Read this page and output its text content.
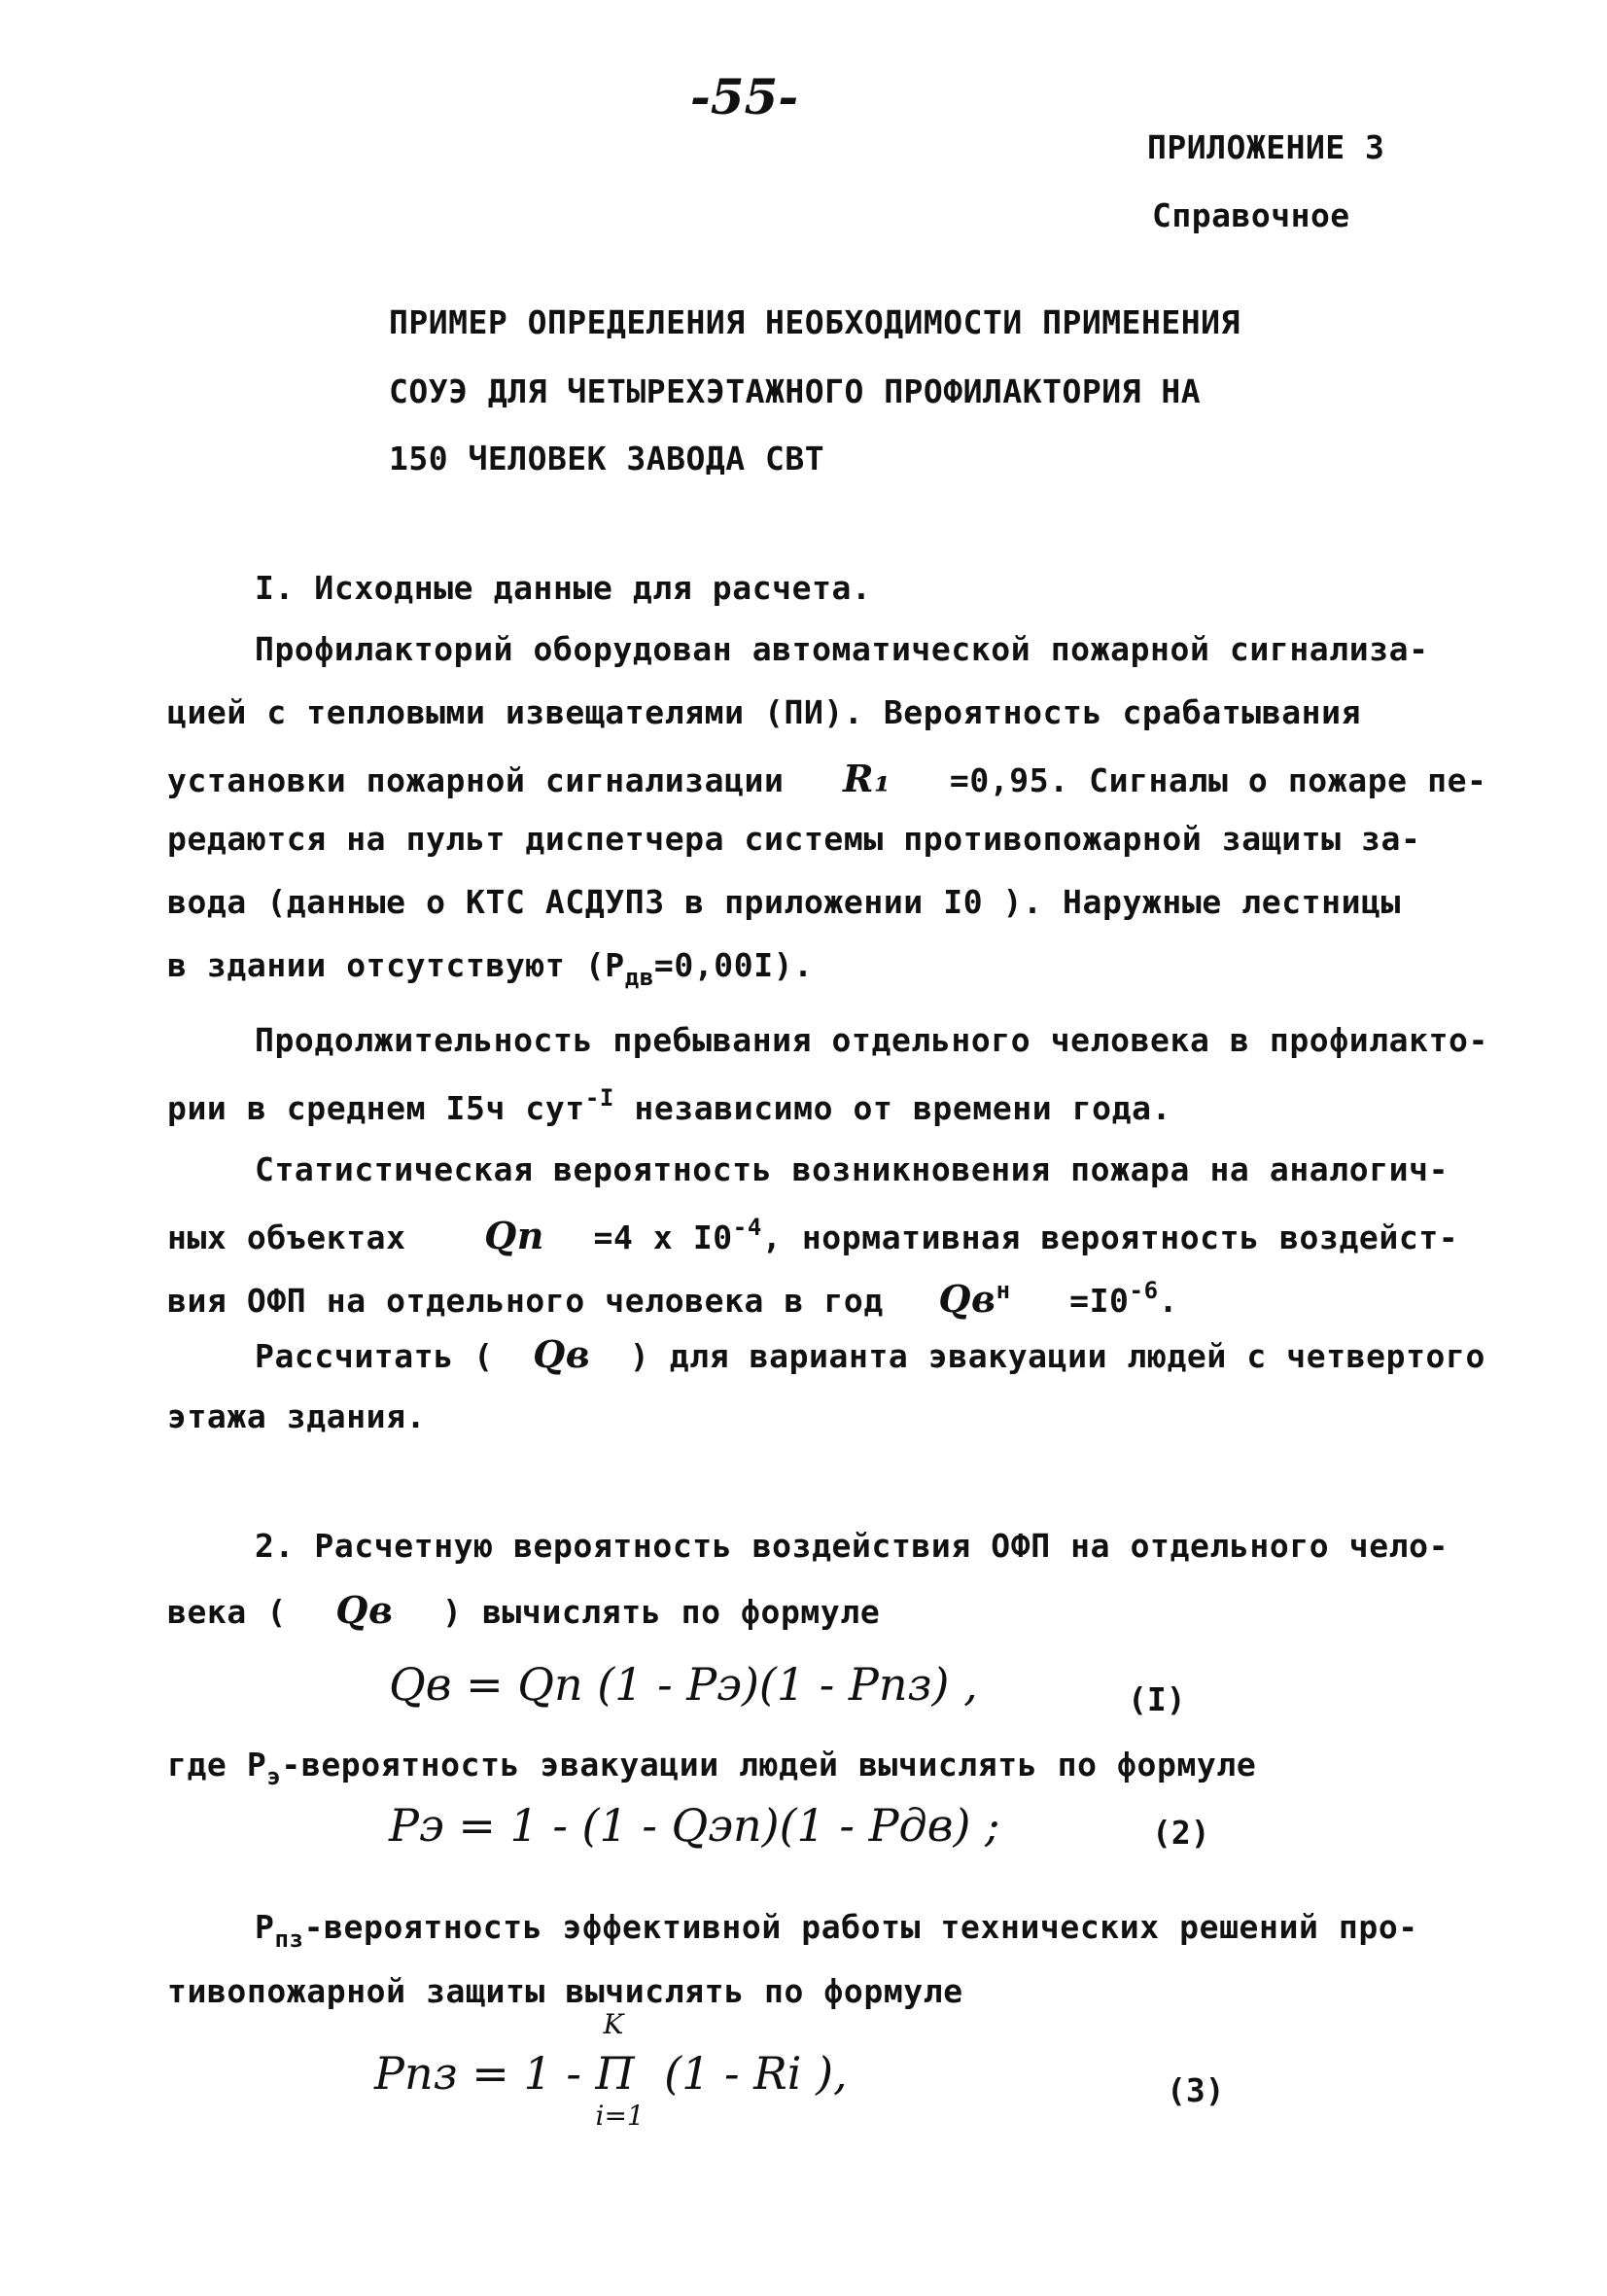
-55-
ПРИЛОЖЕНИЕ 3
Справочное
ПРИМЕР ОПРЕДЕЛЕНИЯ НЕОБХОДИМОСТИ ПРИМЕНЕНИЯ
СОУЭ ДЛЯ ЧЕТЫРЕХЭТАЖНОГО ПРОФИЛАКТОРИЯ НА
150 ЧЕЛОВЕК ЗАВОДА СВТ
I. Исходные данные для расчета.
Профилакторий оборудован автоматической пожарной сигнализа-
цией с тепловыми извещателями (ПИ). Вероятность срабатывания
установки пожарной сигнализации R₁ =0,95. Сигналы о пожаре пе-
редаются на пульт диспетчера системы противопожарной защиты за-
вода (данные о КТС АСДУПЗ в приложении I0 ). Наружные лестницы
в здании отсутствуют $(P_{дв}=0,00I)$.
Продолжительность пребывания отдельного человека в профилакто-
рии в среднем I5ч сут$^{-I}$ независимо от времени года.
Статистическая вероятность возникновения пожара на аналогич-
ных объектах Qп =4 x $I0^{-4}$, нормативная вероятность воздейст-
вия ОФП на отдельного человека в год $Qв^н =I0^{-6}$.
Рассчитать ( Qв ) для варианта эвакуации людей с четвертого
этажа здания.
2. Расчетную вероятность воздействия ОФП на отдельного чело-
века ( Qв ) вычислять по формуле
Qв = Qп (1 - Pэ)(1 - Pпз) ,	(I)
где $P_э$-вероятность эвакуации людей вычислять по формуле
Pэ = 1 - (1 - Qэп)(1 - Pдв) ;	(2)
$P_{пз}$-вероятность эффективной работы технических решений про-
тивопожарной защиты вычислять по формуле
Pпз = 1 -
K
Π
i=1
(1 - Ri ),	(3)
